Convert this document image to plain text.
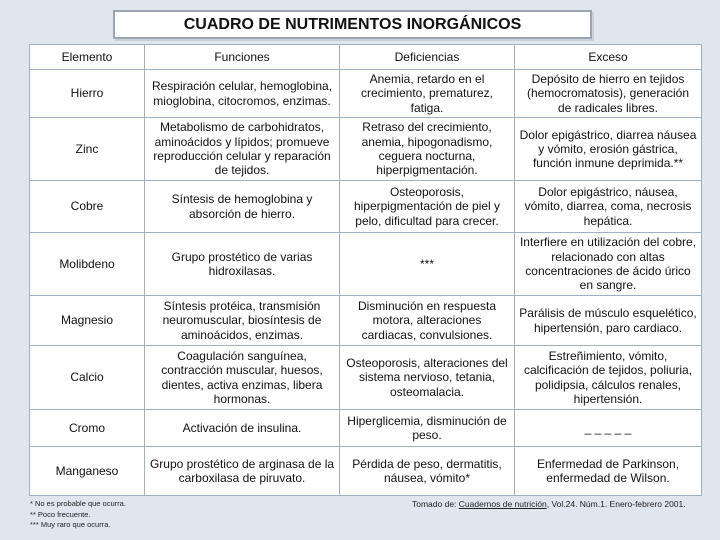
CUADRO DE NUTRIMENTOS INORGÁNICOS
Elemento	Funciones	Deficiencias	Exceso
Hierro	Respiración celular, hemoglobina, mioglobina, citocromos, enzimas.	Anemia, retardo en el crecimiento, prematurez, fatiga.	Depósito de hierro en tejidos (hemocromatosis), generación de radicales libres.
Zinc	Metabolismo de carbohidratos, aminoácidos y lípidos; promueve reproducción celular y reparación de tejidos.	Retraso del crecimiento, anemia, hipogonadismo, ceguera nocturna, hiperpigmentación.	Dolor epigástrico, diarrea náusea y vómito, erosión gástrica, función inmune deprimida.**
Cobre	Síntesis de hemoglobina y absorción de hierro.	Osteoporosis, hiperpigmentación de piel y pelo, dificultad para crecer.	Dolor epigástrico, náusea, vómito, diarrea, coma, necrosis hepática.
Molibdeno	Grupo prostético de varias hidroxilasas.	***	Interfiere en utilización del cobre, relacionado con altas concentraciones de ácido úrico en sangre.
Magnesio	Síntesis protéica, transmisión neuromuscular, biosíntesis de aminoácidos, enzimas.	Disminución en respuesta motora, alteraciones cardiacas, convulsiones.	Parálisis de músculo esquelético, hipertensión, paro cardiaco.
Calcio	Coagulación sanguínea, contracción muscular, huesos, dientes, activa enzimas, libera hormonas.	Osteoporosis, alteraciones del sistema nervioso, tetania, osteomalacia.	Estreñimiento, vómito, calcificación de tejidos, poliuria, polidipsia, cálculos renales, hipertensión.
Cromo	Activación de insulina.	Hiperglicemia, disminución de peso.	_ _ _ _ _
Manganeso	Grupo prostético de arginasa de la carboxilasa de piruvato.	Pérdida de peso, dermatitis, náusea, vómito*	Enfermedad de Parkinson, enfermedad de Wilson.
* No es probable que ocurra.
** Poco frecuente.
*** Muy raro que ocurra.
Tomado de: Cuadernos de nutrición, Vol.24. Núm.1. Enero-febrero 2001.
